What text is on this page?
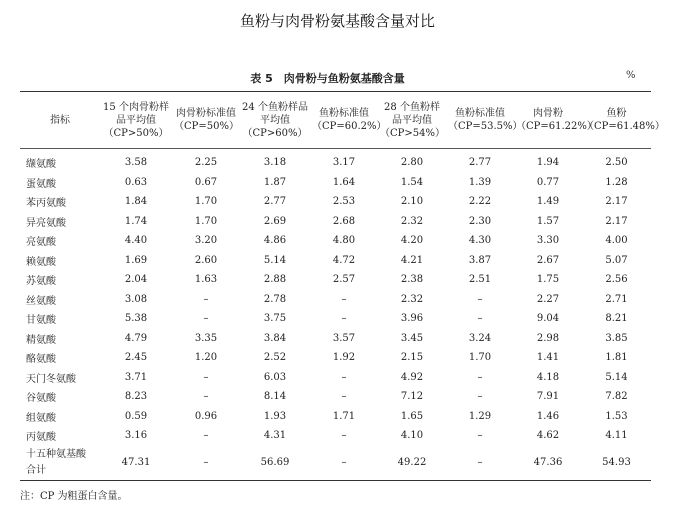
鱼粉与肉骨粉氨基酸含量对比
表 5　肉骨粉与鱼粉氨基酸含量	%
指标	15 个肉骨粉样品平均值（CP>50%）	肉骨粉标准值（CP=50%）	24 个鱼粉样品平均值（CP>60%）	鱼粉标准值（CP=60.2%）	28 个鱼粉样品平均值（CP>54%）	鱼粉标准值（CP=53.5%）	肉骨粉（CP=61.22%）	鱼粉（CP=61.48%）
缬氨酸	3.58	2.25	3.18	3.17	2.80	2.77	1.94	2.50
蛋氨酸	0.63	0.67	1.87	1.64	1.54	1.39	0.77	1.28
苯丙氨酸	1.84	1.70	2.77	2.53	2.10	2.22	1.49	2.17
异亮氨酸	1.74	1.70	2.69	2.68	2.32	2.30	1.57	2.17
亮氨酸	4.40	3.20	4.86	4.80	4.20	4.30	3.30	4.00
赖氨酸	1.69	2.60	5.14	4.72	4.21	3.87	2.67	5.07
苏氨酸	2.04	1.63	2.88	2.57	2.38	2.51	1.75	2.56
丝氨酸	3.08	–	2.78	–	2.32	–	2.27	2.71
甘氨酸	5.38	–	3.75	–	3.96	–	9.04	8.21
精氨酸	4.79	3.35	3.84	3.57	3.45	3.24	2.98	3.85
酪氨酸	2.45	1.20	2.52	1.92	2.15	1.70	1.41	1.81
天门冬氨酸	3.71	–	6.03	–	4.92	–	4.18	5.14
谷氨酸	8.23	–	8.14	–	7.12	–	7.91	7.82
组氨酸	0.59	0.96	1.93	1.71	1.65	1.29	1.46	1.53
丙氨酸	3.16	–	4.31	–	4.10	–	4.62	4.11

十五种氨基酸
合计	47.31	–	56.69	–	49.22	–	47.36	54.93
注：CP 为粗蛋白含量。
